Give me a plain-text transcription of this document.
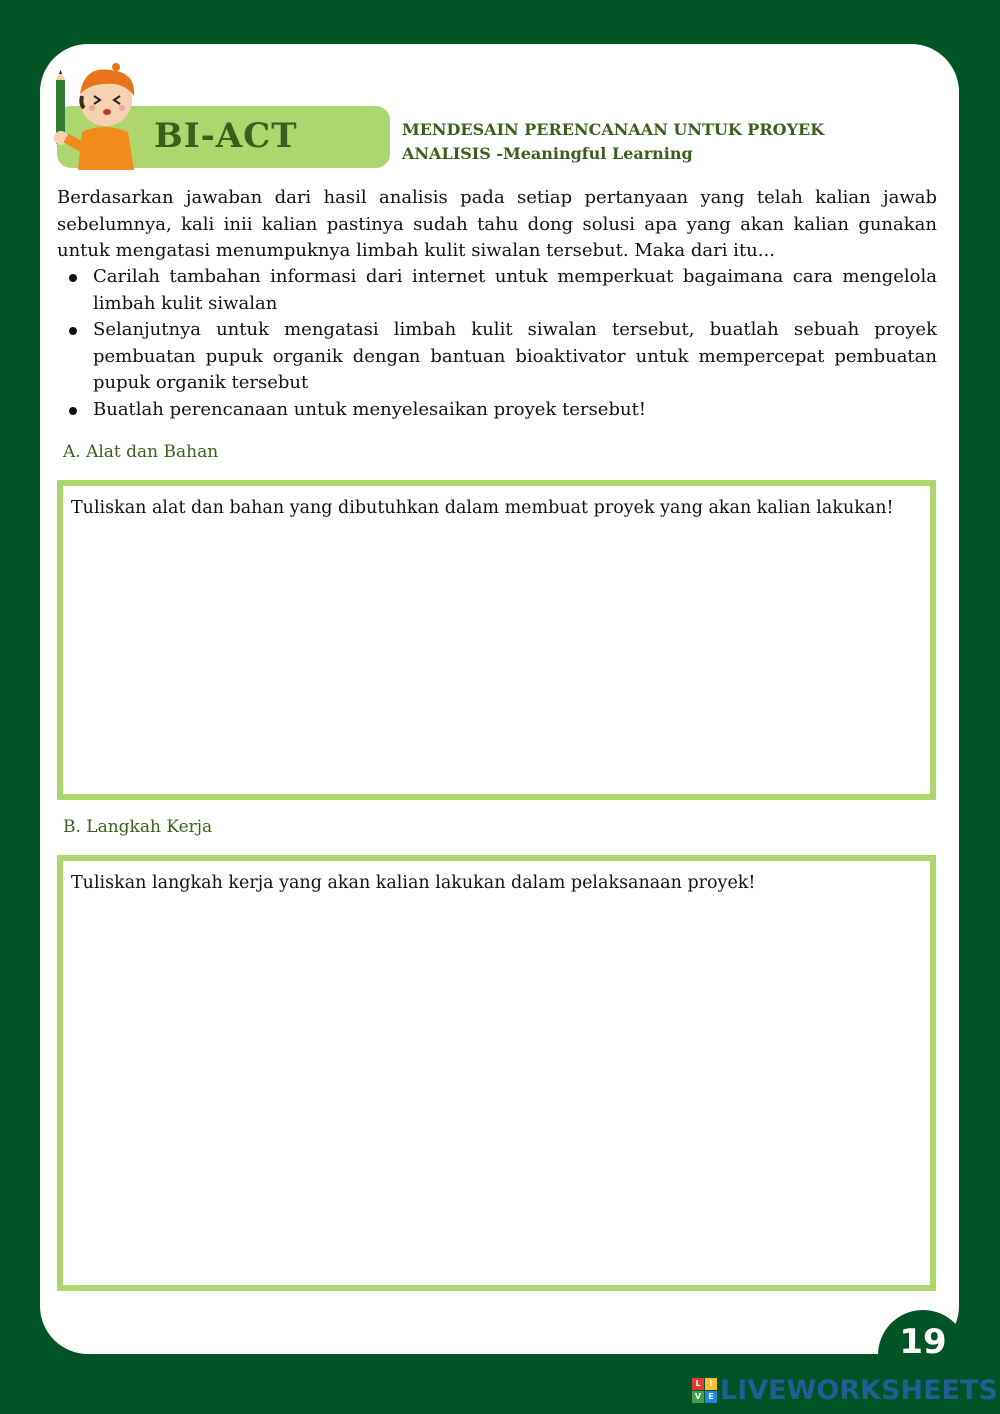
BI-ACT	MENDESAIN PERENCANAAN UNTUK PROYEK
ANALISIS -Meaningful Learning

Berdasarkan jawaban dari hasil analisis pada setiap pertanyaan yang telah kalian jawab sebelumnya, kali inii kalian pastinya sudah tahu dong solusi apa yang akan kalian gunakan untuk mengatasi menumpuknya limbah kulit siwalan tersebut. Maka dari itu...

Carilah tambahan informasi dari internet untuk memperkuat bagaimana cara mengelola limbah kulit siwalan
Selanjutnya untuk mengatasi limbah kulit siwalan tersebut, buatlah sebuah proyek pembuatan pupuk organik dengan bantuan bioaktivator untuk mempercepat pembuatan pupuk organik tersebut
Buatlah perencanaan untuk menyelesaikan proyek tersebut!
A. Alat dan Bahan
Tuliskan alat dan bahan yang dibutuhkan dalam membuat proyek yang akan kalian lakukan!
B. Langkah Kerja
Tuliskan langkah kerja yang akan kalian lakukan dalam pelaksanaan proyek!
19
L	I
V E LIVEWORKSHEETS
